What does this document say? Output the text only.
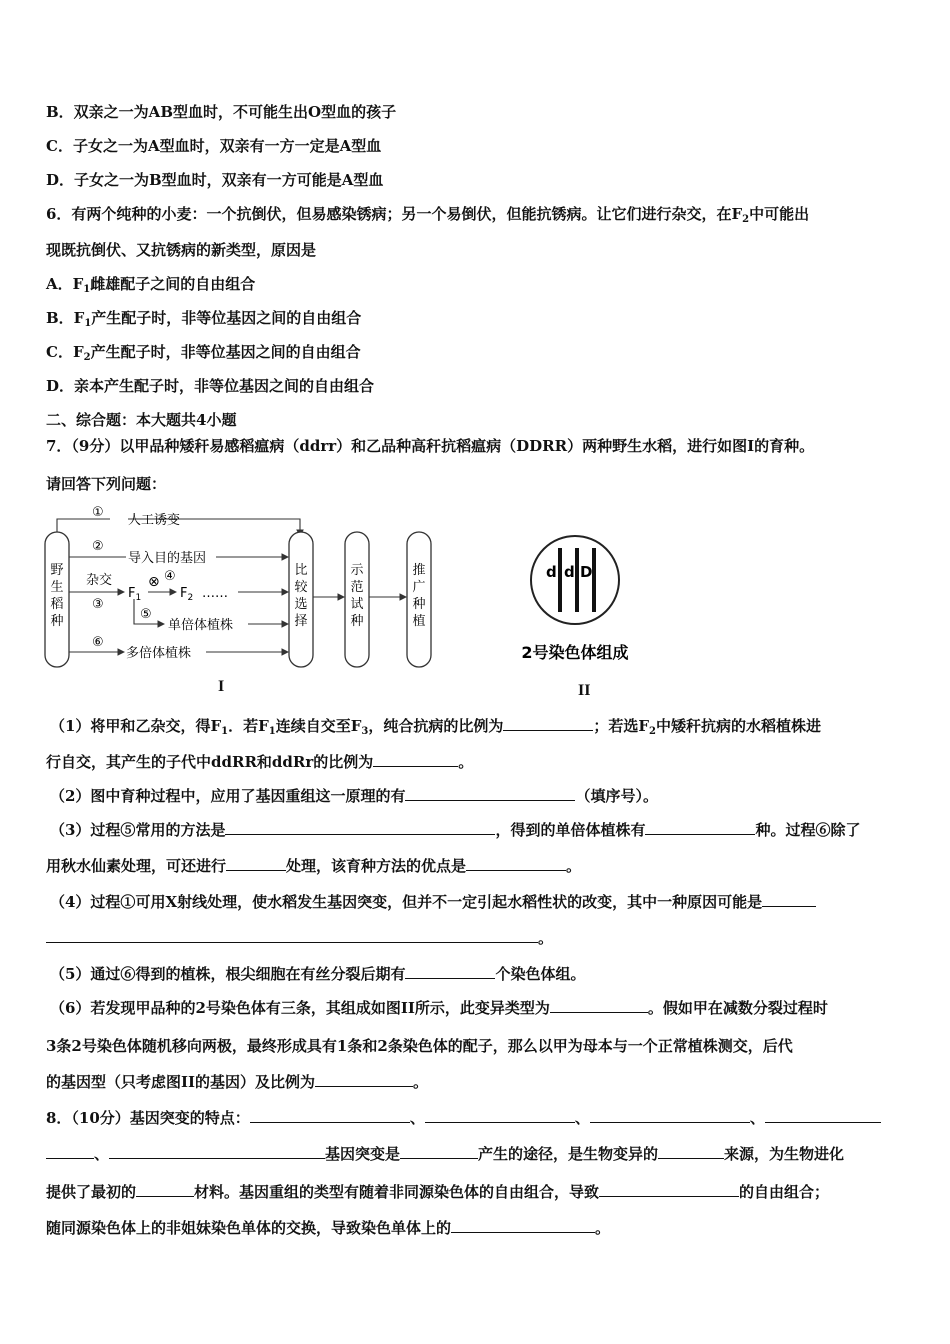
B．双亲之一为AB型血时，不可能生出O型血的孩子
C．子女之一为A型血时，双亲有一方一定是A型血
D．子女之一为B型血时，双亲有一方可能是A型血
6．有两个纯种的小麦：一个抗倒伏，但易感染锈病；另一个易倒伏，但能抗锈病。让它们进行杂交，在$F_2$中可能出
现既抗倒伏、又抗锈病的新类型，原因是
A．$F_1$雌雄配子之间的自由组合
B．$F_1$产生配子时，非等位基因之间的自由组合
C．$F_2$产生配子时，非等位基因之间的自由组合
D．亲本产生配子时，非等位基因之间的自由组合
二、综合题：本大题共4小题
7．（9分）以甲品种矮秆易感稻瘟病（ddrr）和乙品种高秆抗稻瘟病（DDRR）两种野生水稻，进行如图I的育种。
请回答下列问题：
野
生
稻
种
①
人工诱变
②
导入目的基因
杂交
③
$F_1$
⊗ ④
$F_2$ ……
⑤
单倍体植株
⑥
多倍体植株
比
较
选
择
示
范
试
种
推
广
种
植
I
d d D
2号染色体组成
II
（1）将甲和乙杂交，得$F_1$．若$F_1$连续自交至$F_3$，纯合抗病的比例为	；若选$F_2$中矮秆抗病的水稻植株进
行自交，其产生的子代中ddRR和ddRr的比例为	。
（2）图中育种过程中，应用了基因重组这一原理的有	（填序号）。
（3）过程⑤常用的方法是	，得到的单倍体植株有	种。过程⑥除了
用秋水仙素处理，可还进行	处理，该育种方法的优点是	。
（4）过程①可用X射线处理，使水稻发生基因突变，但并不一定引起水稻性状的改变，其中一种原因可能是
。
（5）通过⑥得到的植株，根尖细胞在有丝分裂后期有	个染色体组。
（6）若发现甲品种的2号染色体有三条，其组成如图II所示，此变异类型为	。假如甲在减数分裂过程时
3条2号染色体随机移向两极，最终形成具有1条和2条染色体的配子，那么以甲为母本与一个正常植株测交，后代
的基因型（只考虑图II的基因）及比例为	。
8．（10分）基因突变的特点：	、	、	、
、	基因突变是	产生的途径，是生物变异的	来源，为生物进化
提供了最初的	材料。基因重组的类型有随着非同源染色体的自由组合，导致	的自由组合；
随同源染色体上的非姐妹染色单体的交换，导致染色单体上的	。
